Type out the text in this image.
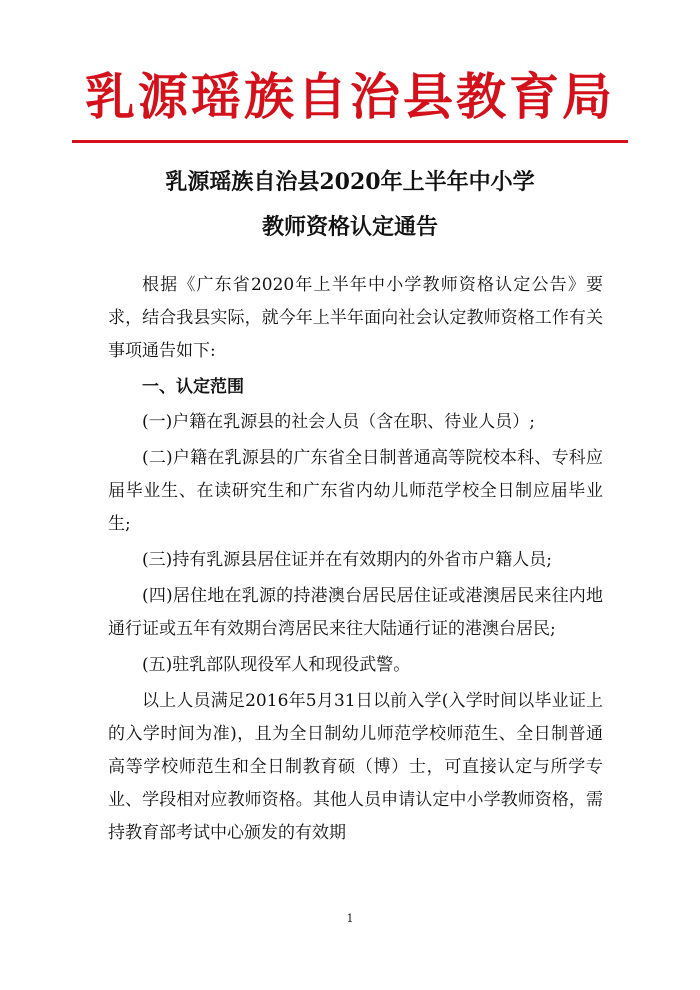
乳源瑶族自治县教育局
乳源瑶族自治县2020年上半年中小学
教师资格认定通告

根据《广东省2020年上半年中小学教师资格认定公告》要求，结合我县实际，就今年上半年面向社会认定教师资格工作有关事项通告如下:

一、认定范围

(一)户籍在乳源县的社会人员（含在职、待业人员）;

(二)户籍在乳源县的广东省全日制普通高等院校本科、专科应届毕业生、在读研究生和广东省内幼儿师范学校全日制应届毕业生;

(三)持有乳源县居住证并在有效期内的外省市户籍人员;

(四)居住地在乳源的持港澳台居民居住证或港澳居民来往内地通行证或五年有效期台湾居民来往大陆通行证的港澳台居民;

(五)驻乳部队现役军人和现役武警。

以上人员满足2016年5月31日以前入学(入学时间以毕业证上的入学时间为准)，且为全日制幼儿师范学校师范生、全日制普通高等学校师范生和全日制教育硕（博）士，可直接认定与所学专业、学段相对应教师资格。其他人员申请认定中小学教师资格，需持教育部考试中心颁发的有效期

1
